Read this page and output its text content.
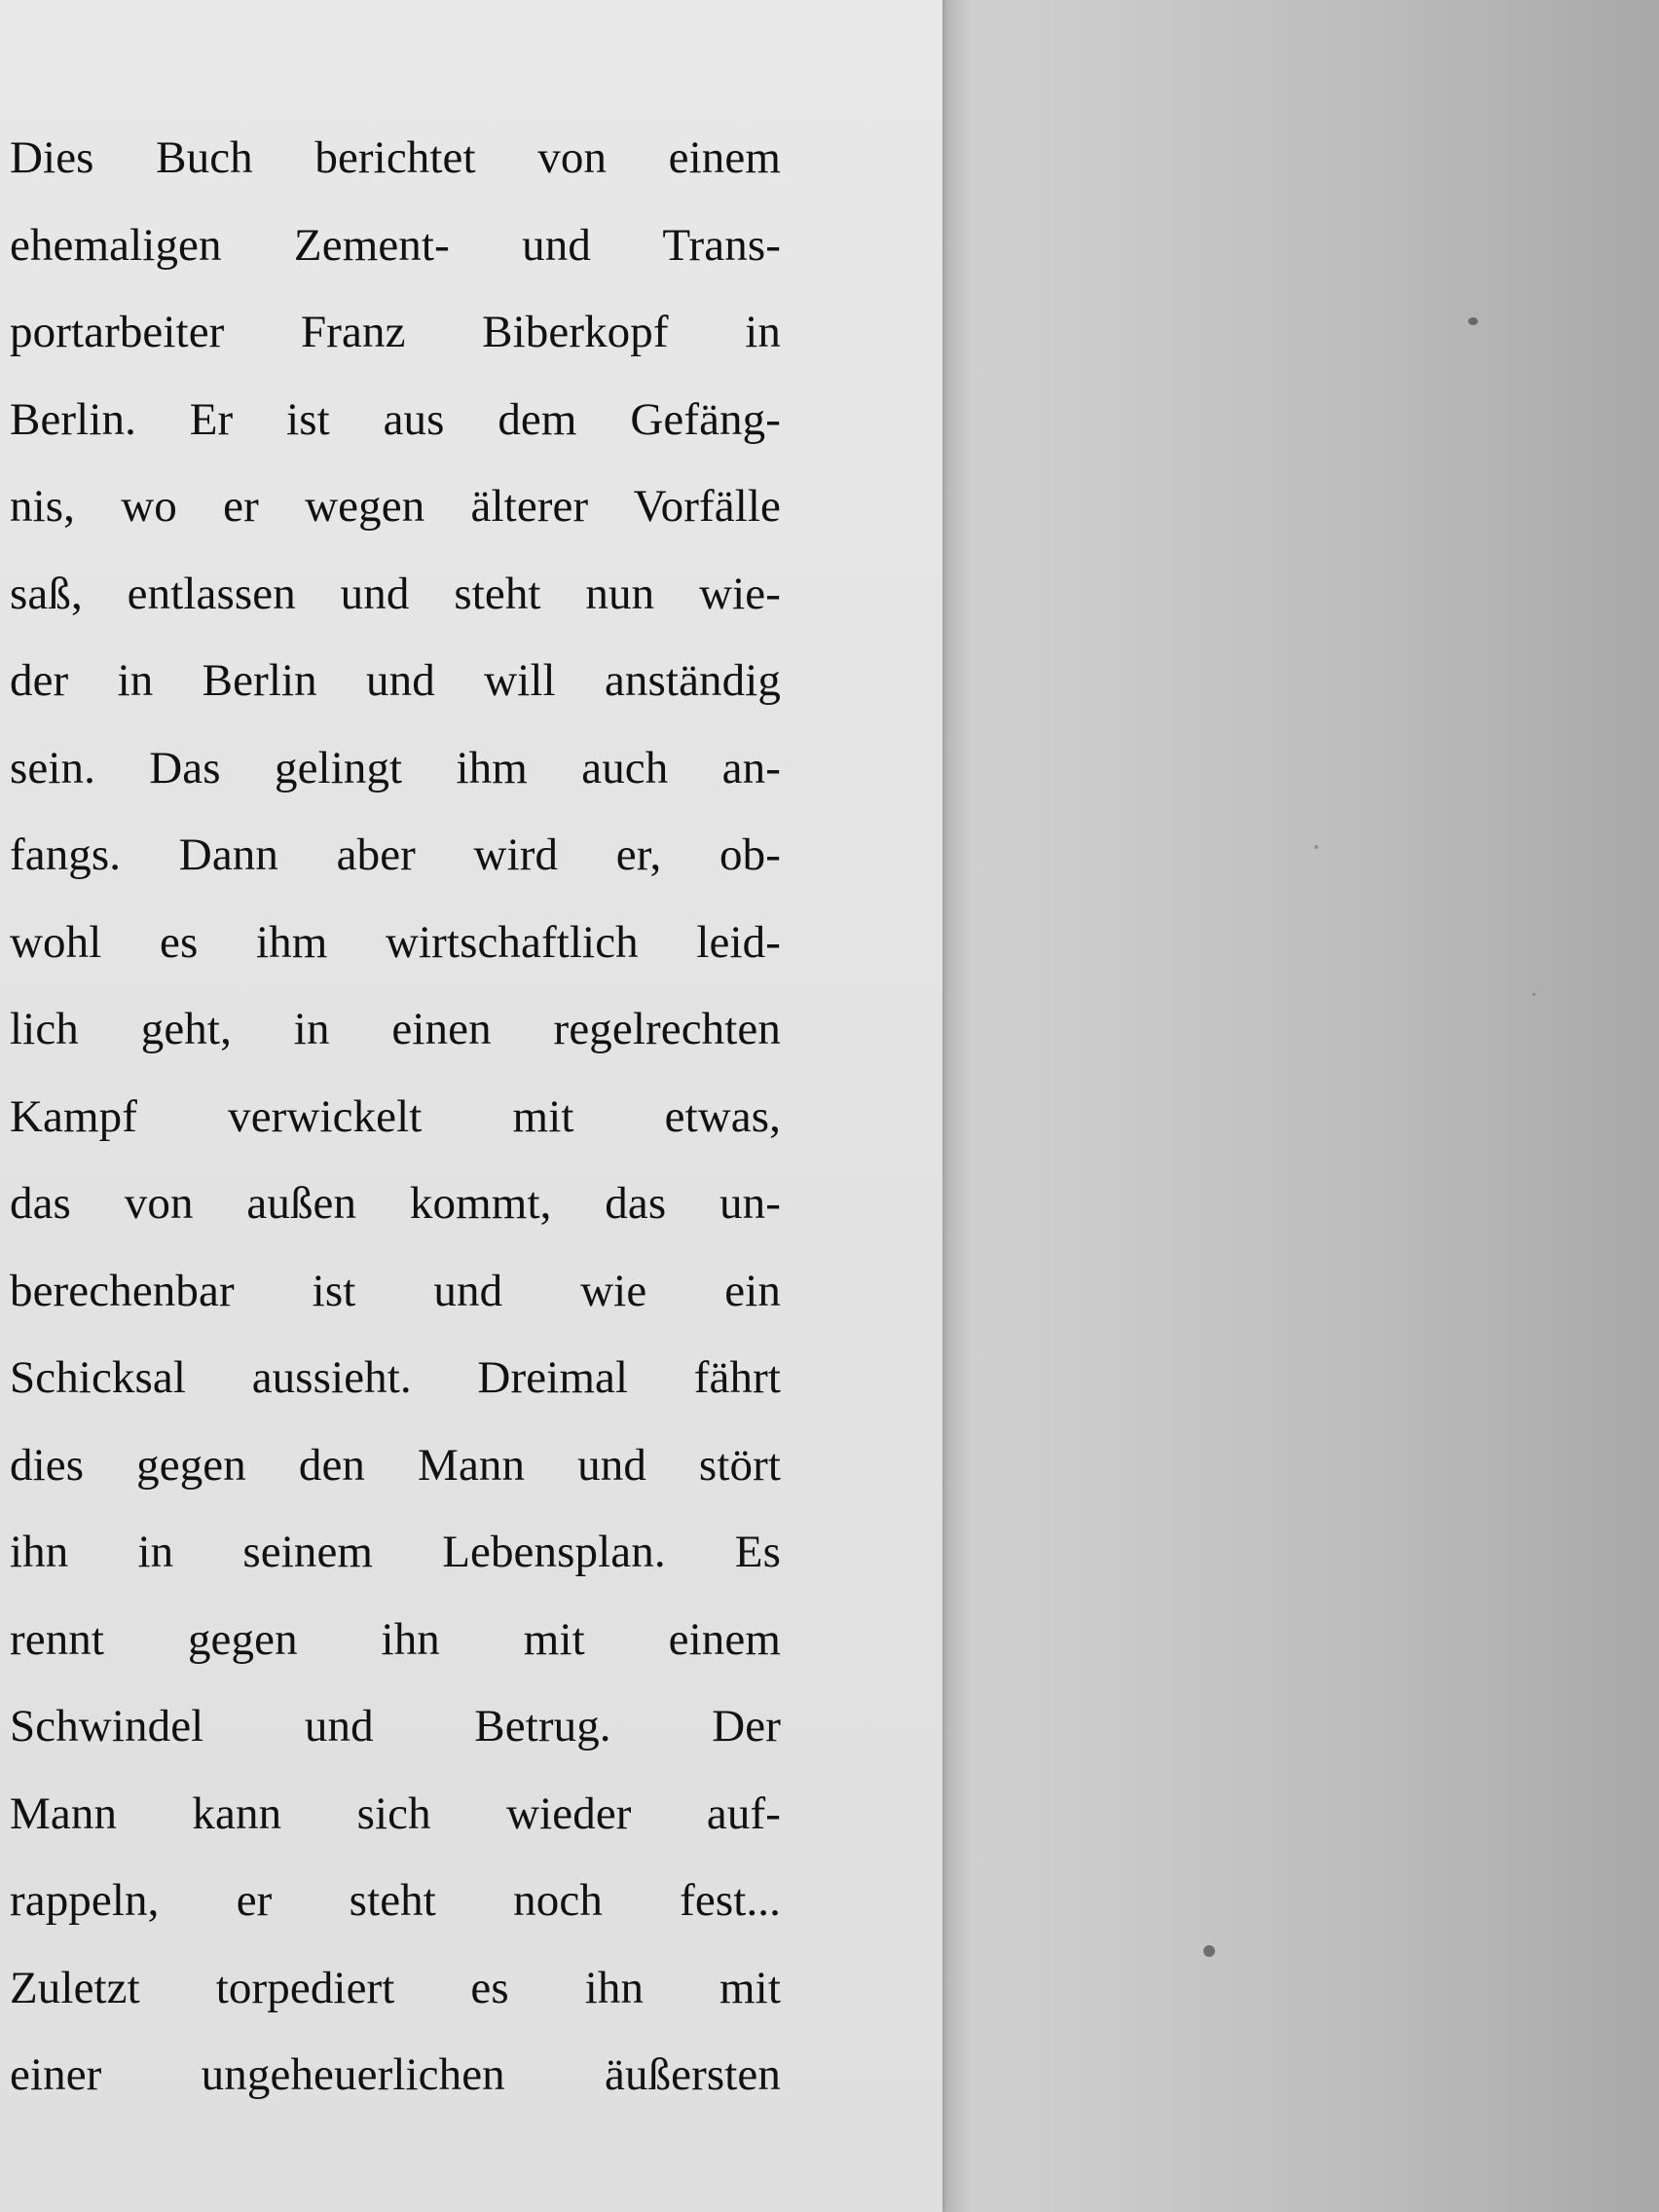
Dies Buch berichtet von einem
ehemaligen Zement- und Trans-
portarbeiter Franz Biberkopf in
Berlin. Er ist aus dem Gefäng-
nis, wo er wegen älterer Vorfälle
saß, entlassen und steht nun wie-
der in Berlin und will anständig
sein. Das gelingt ihm auch an-
fangs. Dann aber wird er, ob-
wohl es ihm wirtschaftlich leid-
lich geht, in einen regelrechten
Kampf verwickelt mit etwas,
das von außen kommt, das un-
berechenbar ist und wie ein
Schicksal aussieht. Dreimal fährt
dies gegen den Mann und stört
ihn in seinem Lebensplan. Es
rennt gegen ihn mit einem
Schwindel und Betrug. Der
Mann kann sich wieder auf-
rappeln, er steht noch fest...
Zuletzt torpediert es ihn mit
einer ungeheuerlichen äußersten
